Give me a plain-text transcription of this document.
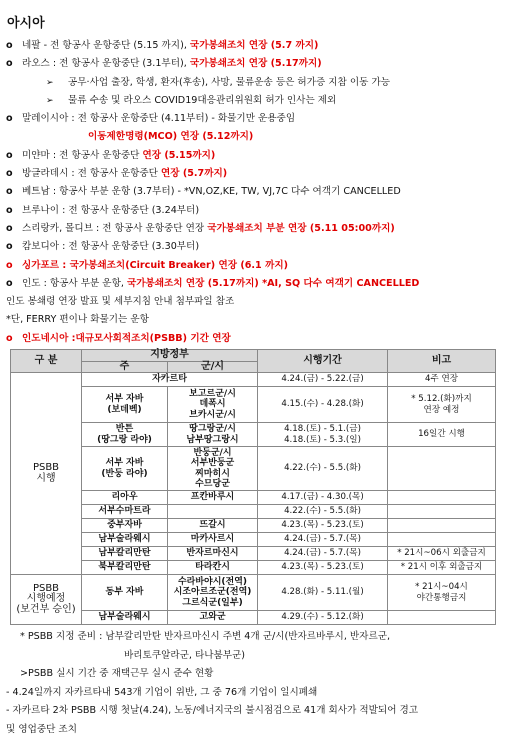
아시아
o 네팔 - 전 항공사 운항중단 (5.15 까지), 국가봉쇄조치 연장 (5.7 까지)
o 라오스 : 전 항공사 운항중단 (3.1부터), 국가봉쇄조치 연장 (5.17까지)
➢ 공무·사업 출장, 학생, 환자(후송), 사망, 물류운송 등은 허가증 지참 이동 가능
➢ 물류 수송 및 라오스 COVID19대응관리위원회 허가 인사는 제외
o 말레이시아 : 전 항공사 운항중단 (4.11부터) - 화물기만 운용중임
이동제한명령(MCO) 연장 (5.12까지)
o 미얀마 : 전 항공사 운항중단 연장 (5.15까지)
o 방글라데시 : 전 항공사 운항중단 연장 (5.7까지)
o 베트남 : 항공사 부분 운항 (3.7부터) - *VN,OZ,KE, TW, VJ,7C 다수 여객기 CANCELLED
o 브루나이 : 전 항공사 운항중단 (3.24부터)
o 스리랑카, 몰디브 : 전 항공사 운항중단 연장 국가봉쇄조치 부분 연장 (5.11 05:00까지)
o 캄보디아 : 전 항공사 운항중단 (3.30부터)
o 싱가포르 : 국가봉쇄조치(Circuit Breaker) 연장 (6.1 까지)
o 인도 : 항공사 부분 운항, 국가봉쇄조치 연장 (5.17까지) *AI, SQ 다수 여객기 CANCELLED
인도 봉쇄령 연장 발표 및 세부지침 안내 첨부파일 참조
*단, FERRY 편이나 화물기는 운항
o 인도네시아 :대규모사회적조치(PSBB) 기간 연장
구 분	지방정부		시행기간	비고
	주	군/시		
PSBB
시행	자카르타		4.24.(금) - 5.22.(금)	4주 연장
	서부 자바
(보데벡)	보고르군/시
데폭시
브카시군/시	4.15.(수) - 4.28.(화)	* 5.12.(화)까지
연장 예정
	반튼
(땅그랑 라야)	땅그랑군/시
남부땅그랑시	4.18.(토) - 5.1.(금)
4.18.(토) - 5.3.(일)	16일간 시행
	서부 자바
(반둥 라야)	반둥군/시
서부반둥군
찌마히시
수므당군	4.22.(수) - 5.5.(화)	
	리아우	프칸바루시	4.17.(금) - 4.30.(목)	
	서부수마트라		4.22.(수) - 5.5.(화)	
	중부자바	뜨갈시	4.23.(목) - 5.23.(토)	
	남부술라웨시	마카사르시	4.24.(금) - 5.7.(목)	
	남부칼리만탄	반자르마신시	4.24.(금) - 5.7.(목)	* 21시~06시 외출금지
	북부칼리만탄	타라칸시	4.23.(목) - 5.23.(토)	* 21시 이후 외출금지
PSBB
시행예정
(보건부 승인)	동부 자바	수라바야시(전역)
시조아르조군(전역)
그르식군(일부)	4.28.(화) - 5.11.(월)	* 21시~04시
야간통행금지
	남부술라웨시	고와군	4.29.(수) - 5.12.(화)	
* PSBB 지정 준비 : 남부칼리만탄 반자르마신시 주변 4개 군/시(반자르바루시, 반자르군,
바리토쿠알라군, 타나붐부군)
>PSBB 실시 기간 중 재택근무 실시 준수 현황
- 4.24일까지 자카르타내 543개 기업이 위반, 그 중 76개 기업이 일시폐쇄
- 자카르타 2차 PSBB 시행 첫날(4.24), 노동/에너지국의 불시점검으로 41개 회사가 적발되어 경고
및 영업중단 조치
